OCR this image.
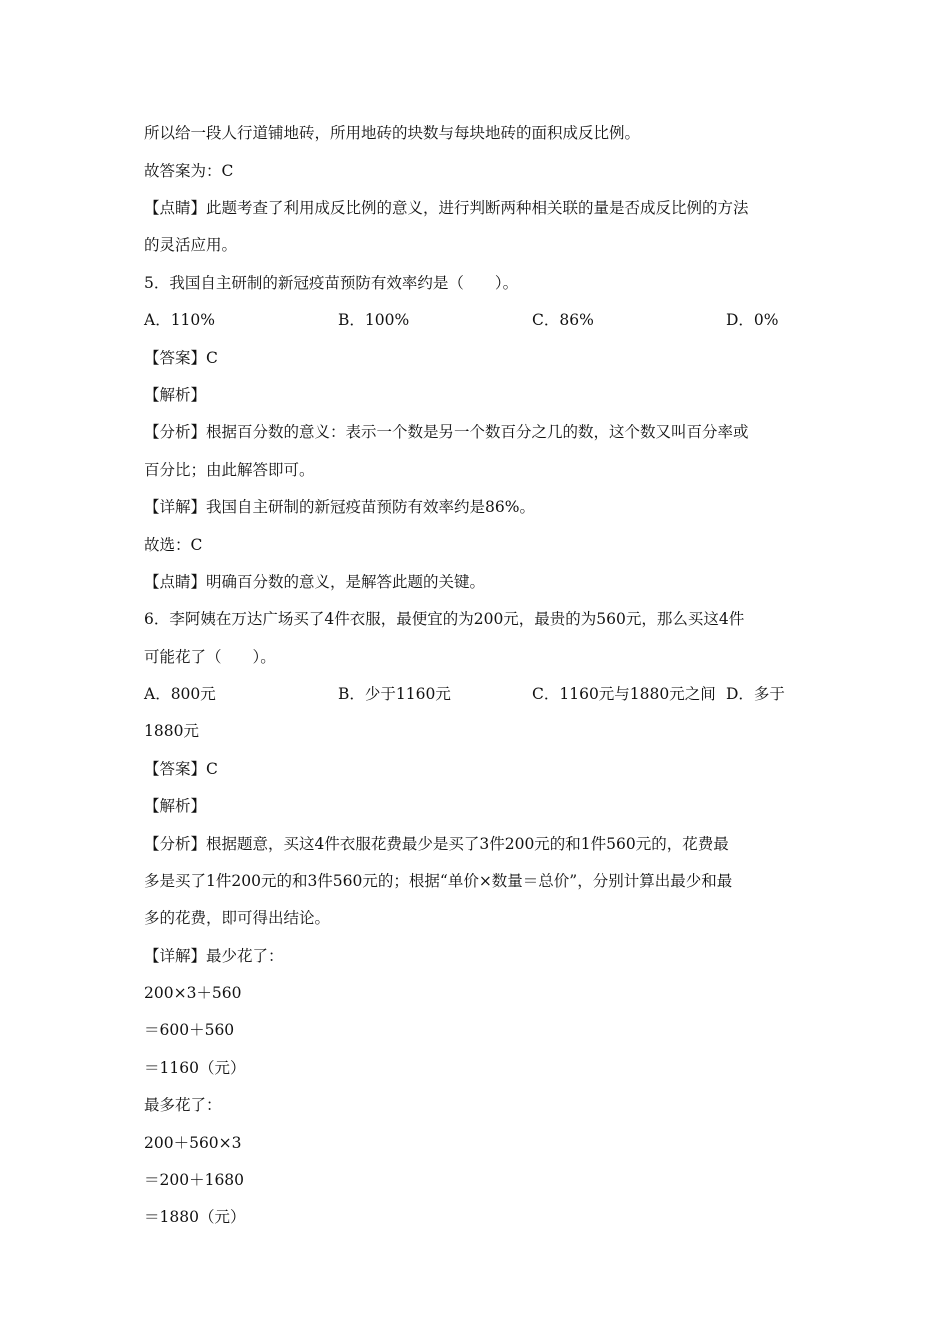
所以给一段人行道铺地砖，所用地砖的块数与每块地砖的面积成反比例。
故答案为：C
【点睛】此题考查了利用成反比例的意义，进行判断两种相关联的量是否成反比例的方法
的灵活应用。
5．我国自主研制的新冠疫苗预防有效率约是（　　）。
A．110%	B．100%	C．86%	D．0%
【答案】C
【解析】
【分析】根据百分数的意义：表示一个数是另一个数百分之几的数，这个数又叫百分率或
百分比；由此解答即可。
【详解】我国自主研制的新冠疫苗预防有效率约是86%。
故选：C
【点睛】明确百分数的意义，是解答此题的关键。
6．李阿姨在万达广场买了4件衣服，最便宜的为200元，最贵的为560元，那么买这4件
可能花了（　　）。
A．800元	B．少于1160元	C．1160元与1880元之间 D．多于
1880元
【答案】C
【解析】
【分析】根据题意，买这4件衣服花费最少是买了3件200元的和1件560元的，花费最
多是买了1件200元的和3件560元的；根据“单价×数量＝总价”，分别计算出最少和最
多的花费，即可得出结论。
【详解】最少花了：
200×3＋560
＝600＋560
＝1160（元）
最多花了：
200＋560×3
＝200＋1680
＝1880（元）
